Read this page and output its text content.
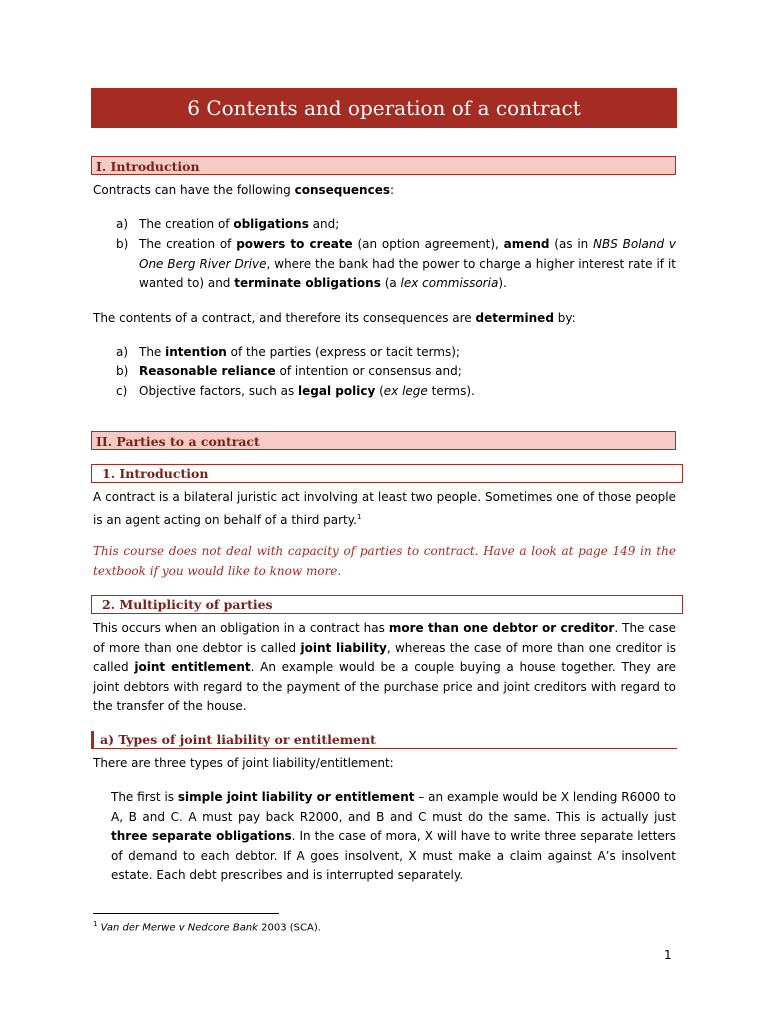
6 Contents and operation of a contract
I. Introduction

Contracts can have the following consequences:

a) The creation of obligations and;
b) The creation of powers to create (an option agreement), amend (as in NBS Boland v One Berg River Drive, where the bank had the power to charge a higher interest rate if it wanted to) and terminate obligations (a lex commissoria).

The contents of a contract, and therefore its consequences are determined by:

a) The intention of the parties (express or tacit terms);
b) Reasonable reliance of intention or consensus and;
c) Objective factors, such as legal policy (ex lege terms).
II. Parties to a contract
1. Introduction

A contract is a bilateral juristic act involving at least two people. Sometimes one of those people is an agent acting on behalf of a third party.$^1$

This course does not deal with capacity of parties to contract. Have a look at page 149 in the textbook if you would like to know more.

2. Multiplicity of parties

This occurs when an obligation in a contract has more than one debtor or creditor. The case of more than one debtor is called joint liability, whereas the case of more than one creditor is called joint entitlement. An example would be a couple buying a house together. They are joint debtors with regard to the payment of the purchase price and joint creditors with regard to the transfer of the house.

a) Types of joint liability or entitlement

There are three types of joint liability/entitlement:

The first is simple joint liability or entitlement – an example would be X lending R6000 to A, B and C. A must pay back R2000, and B and C must do the same. This is actually just three separate obligations. In the case of mora, X will have to write three separate letters of demand to each debtor. If A goes insolvent, X must make a claim against A’s insolvent estate. Each debt prescribes and is interrupted separately.

$^1$ Van der Merwe v Nedcore Bank 2003 (SCA).
1
